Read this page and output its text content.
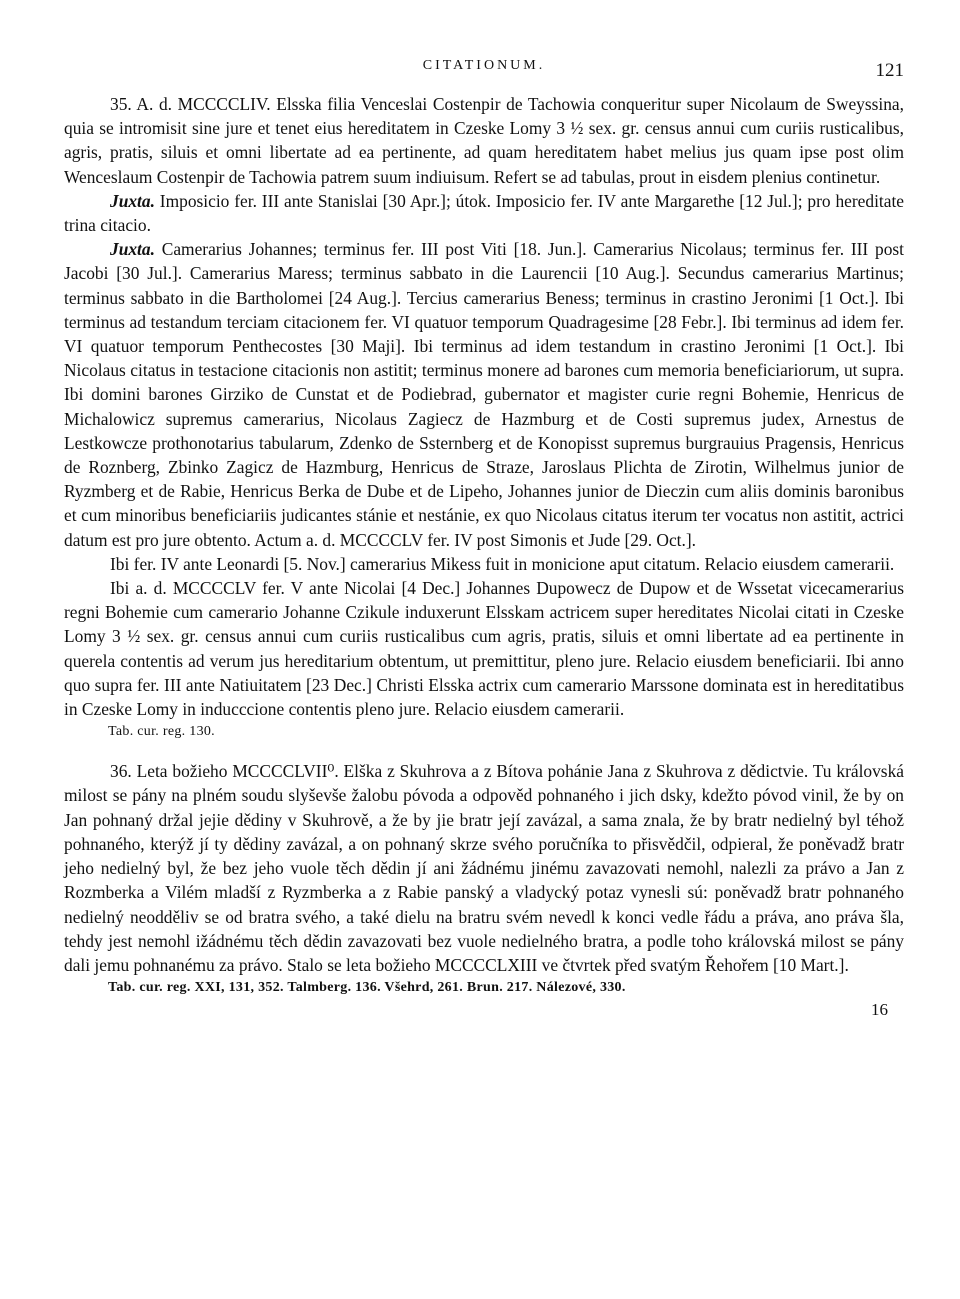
CITATIONUM.	121

35. A. d. MCCCCLIV. Elsska filia Venceslai Costenpir de Tachowia conqueritur super Nicolaum de Sweyssina, quia se intromisit sine jure et tenet eius hereditatem in Czeske Lomy 3 ½ sex. gr. census annui cum curiis rusticalibus, agris, pratis, siluis et omni libertate ad ea pertinente, ad quam hereditatem habet melius jus quam ipse post olim Wenceslaum Costenpir de Tachowia patrem suum indiuisum. Refert se ad tabulas, prout in eisdem plenius continetur.

Juxta. Imposicio fer. III ante Stanislai [30 Apr.]; útok. Imposicio fer. IV ante Margarethe [12 Jul.]; pro hereditate trina citacio.

Juxta. Camerarius Johannes; terminus fer. III post Viti [18. Jun.]. Camerarius Nicolaus; terminus fer. III post Jacobi [30 Jul.]. Camerarius Maress; terminus sabbato in die Laurencii [10 Aug.]. Secundus camerarius Martinus; terminus sabbato in die Bartholomei [24 Aug.]. Tercius camerarius Beness; terminus in crastino Jeronimi [1 Oct.]. Ibi terminus ad testandum terciam citacionem fer. VI quatuor temporum Quadragesime [28 Febr.]. Ibi terminus ad idem fer. VI quatuor temporum Penthecostes [30 Maji]. Ibi terminus ad idem testandum in crastino Jeronimi [1 Oct.]. Ibi Nicolaus citatus in testacione citacionis non astitit; terminus monere ad barones cum memoria beneficiariorum, ut supra. Ibi domini barones Girziko de Cunstat et de Podiebrad, gubernator et magister curie regni Bohemie, Henricus de Michalowicz supremus camerarius, Nicolaus Zagiecz de Hazmburg et de Costi supremus judex, Arnestus de Lestkowcze prothonotarius tabularum, Zdenko de Ssternberg et de Konopisst supremus burgrauius Pragensis, Henricus de Roznberg, Zbinko Zagicz de Hazmburg, Henricus de Straze, Jaroslaus Plichta de Zirotin, Wilhelmus junior de Ryzmberg et de Rabie, Henricus Berka de Dube et de Lipeho, Johannes junior de Dieczin cum aliis dominis baronibus et cum minoribus beneficiariis judicantes stánie et nestánie, ex quo Nicolaus citatus iterum ter vocatus non astitit, actrici datum est pro jure obtento. Actum a. d. MCCCCLV fer. IV post Simonis et Jude [29. Oct.].

Ibi fer. IV ante Leonardi [5. Nov.] camerarius Mikess fuit in monicione aput citatum. Relacio eiusdem camerarii.

Ibi a. d. MCCCCLV fer. V ante Nicolai [4 Dec.] Johannes Dupowecz de Dupow et de Wssetat vicecamerarius regni Bohemie cum camerario Johanne Czikule induxerunt Elsskam actricem super hereditates Nicolai citati in Czeske Lomy 3 ½ sex. gr. census annui cum curiis rusticalibus cum agris, pratis, siluis et omni libertate ad ea pertinente in querela contentis ad verum jus hereditarium obtentum, ut premittitur, pleno jure. Relacio eiusdem beneficiarii. Ibi anno quo supra fer. III ante Natiuitatem [23 Dec.] Christi Elsska actrix cum camerario Marssone dominata est in hereditatibus in Czeske Lomy in inducccione contentis pleno jure. Relacio eiusdem camerarii.

Tab. cur. reg. 130.

36. Leta božieho MCCCCLVII⁰. Elška z Skuhrova a z Bítova pohánie Jana z Skuhrova z dědictvie. Tu královská milost se pány na plném soudu slyševše žalobu póvoda a odpověd pohnaného i jich dsky, kdežto póvod vinil, že by on Jan pohnaný držal jejie dědiny v Skuhrově, a že by jie bratr její zavázal, a sama znala, že by bratr nedielný byl téhož pohnaného, kterýž jí ty dědiny zavázal, a on pohnaný skrze svého poručníka to přisvědčil, odpieral, že poněvadž bratr jeho nedielný byl, že bez jeho vuole těch dědin jí ani žádnému jinému zavazovati nemohl, nalezli za právo a Jan z Rozmberka a Vilém mladší z Ryzmberka a z Rabie panský a vladycký potaz vynesli sú: poněvadž bratr pohnaného nedielný neodděliv se od bratra svého, a také dielu na bratru svém nevedl k konci vedle řádu a práva, ano práva šla, tehdy jest nemohl ižádnému těch dědin zavazovati bez vuole nedielného bratra, a podle toho královská milost se pány dali jemu pohnanému za právo. Stalo se leta božieho MCCCCLXIII ve čtvrtek před svatým Řehořem [10 Mart.].

Tab. cur. reg. XXI, 131, 352. Talmberg. 136. Všehrd, 261. Brun. 217. Nálezové, 330.

16
